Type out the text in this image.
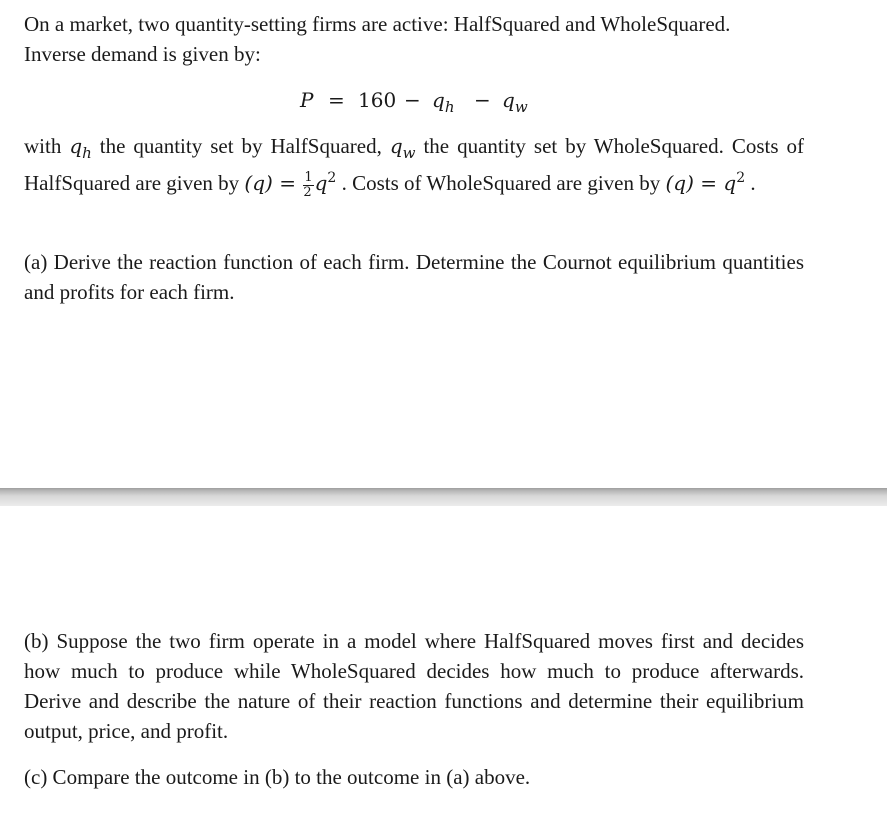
On a market, two quantity-setting firms are active: HalfSquared and WholeSquared.
Inverse demand is given by:

$P = 160 - q_h - q_w$

with $q_h$ the quantity set by HalfSquared, $q_w$ the quantity set by WholeSquared. Costs of HalfSquared are given by $(q) = \frac{1}{2} q^2$ . Costs of WholeSquared are given by $(q) = q^2$ .

(a) Derive the reaction function of each firm. Determine the Cournot equilibrium quantities and profits for each firm.

(b) Suppose the two firm operate in a model where HalfSquared moves first and decides how much to produce while WholeSquared decides how much to produce afterwards. Derive and describe the nature of their reaction functions and determine their equilibrium output, price, and profit.

(c) Compare the outcome in (b) to the outcome in (a) above.
